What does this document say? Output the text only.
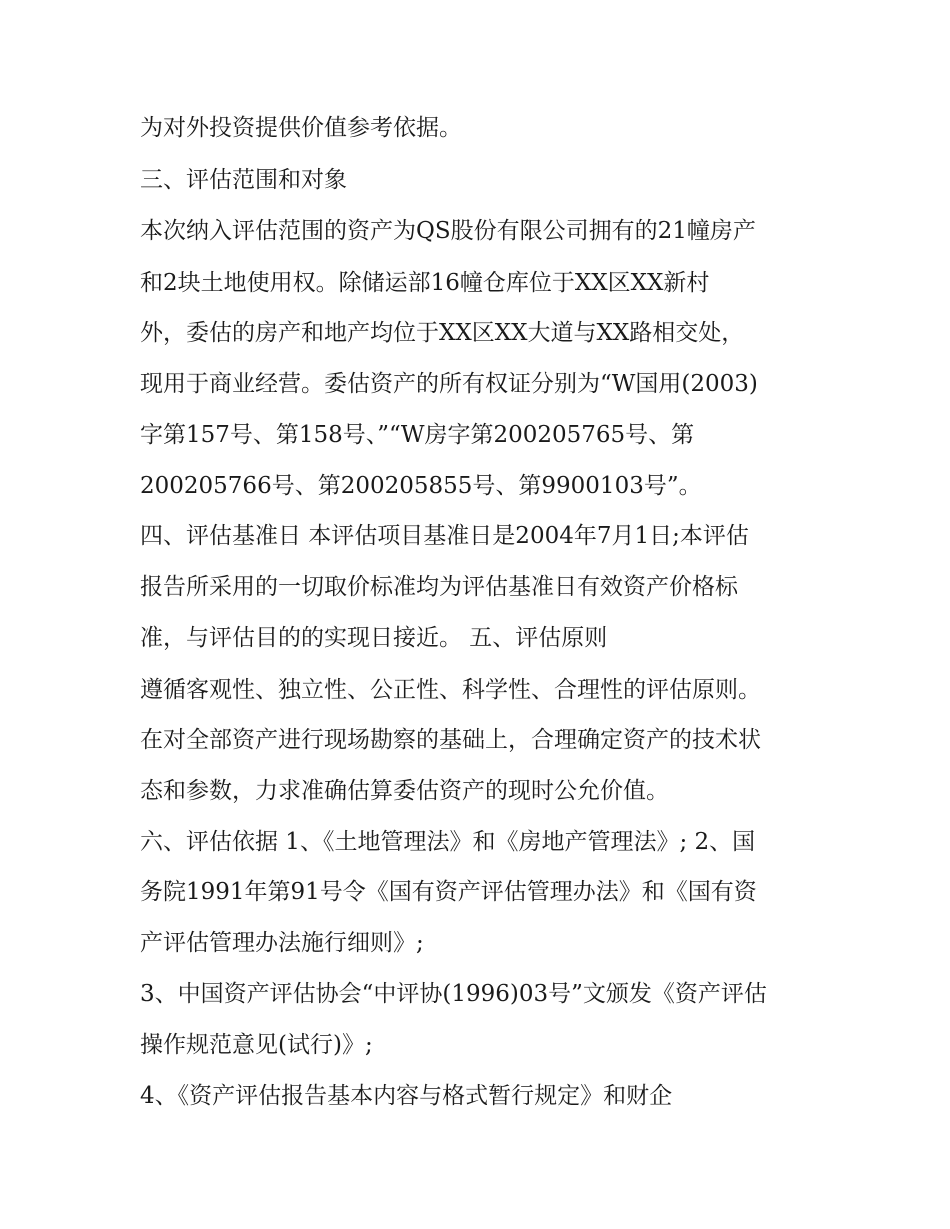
为对外投资提供价值参考依据。
三、评估范围和对象
本次纳入评估范围的资产为QS股份有限公司拥有的21幢房产
和2块土地使用权。除储运部16幢仓库位于XX区XX新村
外，委估的房产和地产均位于XX区XX大道与XX路相交处，
现用于商业经营。委估资产的所有权证分别为“W国用(2003)
字第157号、第158号、”“W房字第200205765号、第
200205766号、第200205855号、第9900103号”。
四、评估基准日 本评估项目基准日是2004年7月1日;本评估
报告所采用的一切取价标准均为评估基准日有效资产价格标
准，与评估目的的实现日接近。 五、评估原则
遵循客观性、独立性、公正性、科学性、合理性的评估原则。
在对全部资产进行现场勘察的基础上，合理确定资产的技术状
态和参数，力求准确估算委估资产的现时公允价值。
六、评估依据 1、《土地管理法》和《房地产管理法》; 2、国
务院1991年第91号令《国有资产评估管理办法》和《国有资
产评估管理办法施行细则》;
3、中国资产评估协会“中评协(1996)03号”文颁发《资产评估
操作规范意见(试行)》;
4、《资产评估报告基本内容与格式暂行规定》和财企
